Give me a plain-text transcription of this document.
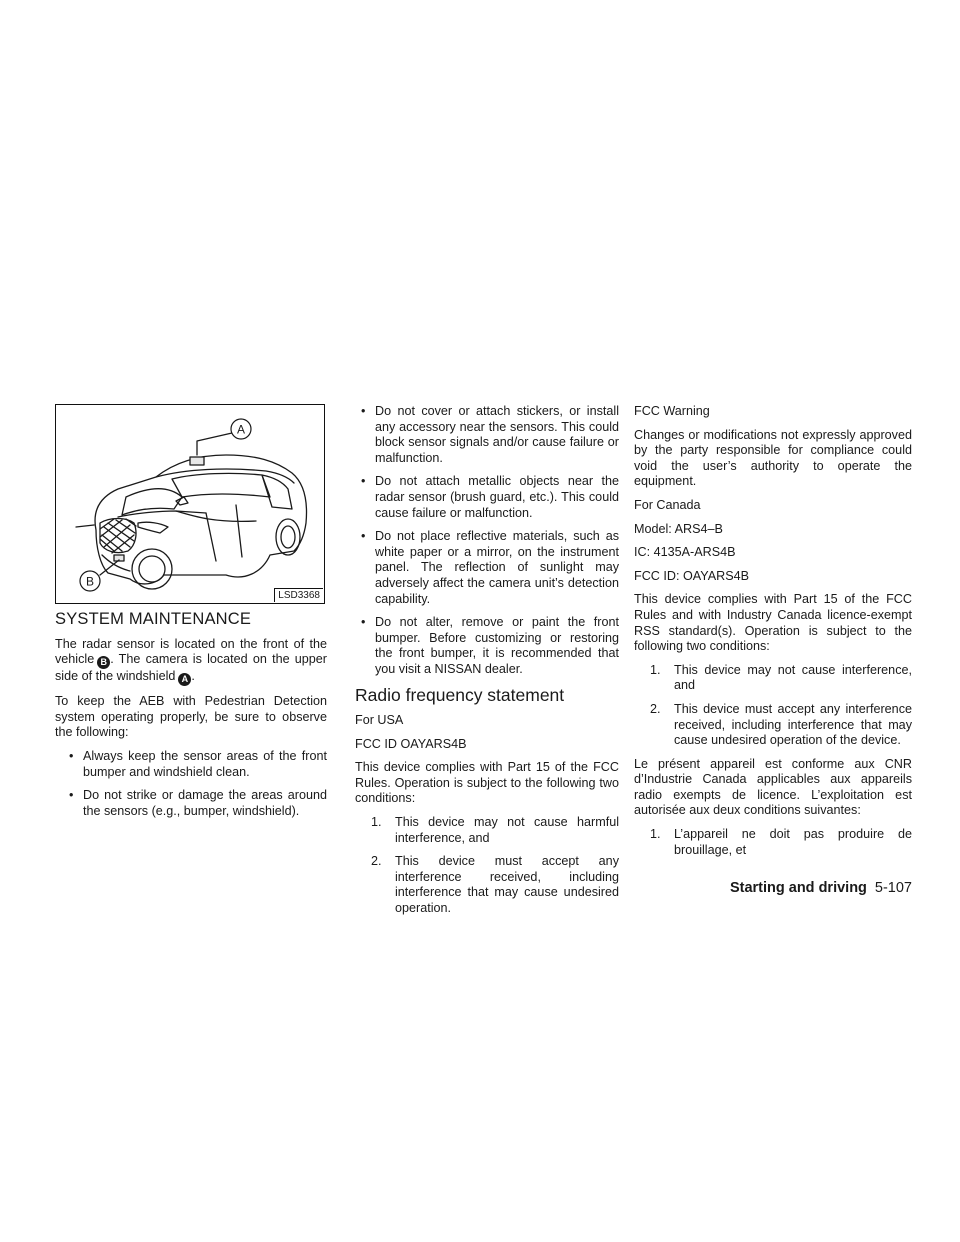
A
B
LSD3368
SYSTEM MAINTENANCE

The radar sensor is located on the front of the vehicle B . The camera is located on the upper side of the windshield A .

To keep the AEB with Pedestrian Detection system operating properly, be sure to observe the following:

• Always keep the sensor areas of the front bumper and windshield clean.
• Do not strike or damage the areas around the sensors (e.g., bumper, windshield).
• Do not cover or attach stickers, or install any accessory near the sensors. This could block sensor signals and/or cause failure or malfunction.
• Do not attach metallic objects near the radar sensor (brush guard, etc.). This could cause failure or malfunction.
• Do not place reflective materials, such as white paper or a mirror, on the instrument panel. The reflection of sunlight may adversely affect the camera unit’s detection capability.
• Do not alter, remove or paint the front bumper. Before customizing or restoring the front bumper, it is recommended that you visit a NISSAN dealer.
Radio frequency statement

For USA

FCC ID OAYARS4B

This device complies with Part 15 of the FCC Rules. Operation is subject to the following two conditions:

1. This device may not cause harmful interference, and
2. This device must accept any interference received, including interference that may cause undesired operation.

FCC Warning

Changes or modifications not expressly approved by the party responsible for compliance could void the user’s authority to operate the equipment.

For Canada

Model: ARS4–B

IC: 4135A-ARS4B

FCC ID: OAYARS4B

This device complies with Part 15 of the FCC Rules and with Industry Canada licence-exempt RSS standard(s). Operation is subject to the following two conditions:

1. This device may not cause interference, and
2. This device must accept any interference received, including interference that may cause undesired operation of the device.

Le présent appareil est conforme aux CNR d’Industrie Canada applicables aux appareils radio exempts de licence. L’exploitation est autorisée aux deux conditions suivantes:

1. L’appareil ne doit pas produire de brouillage, et
Starting and driving 5-107
